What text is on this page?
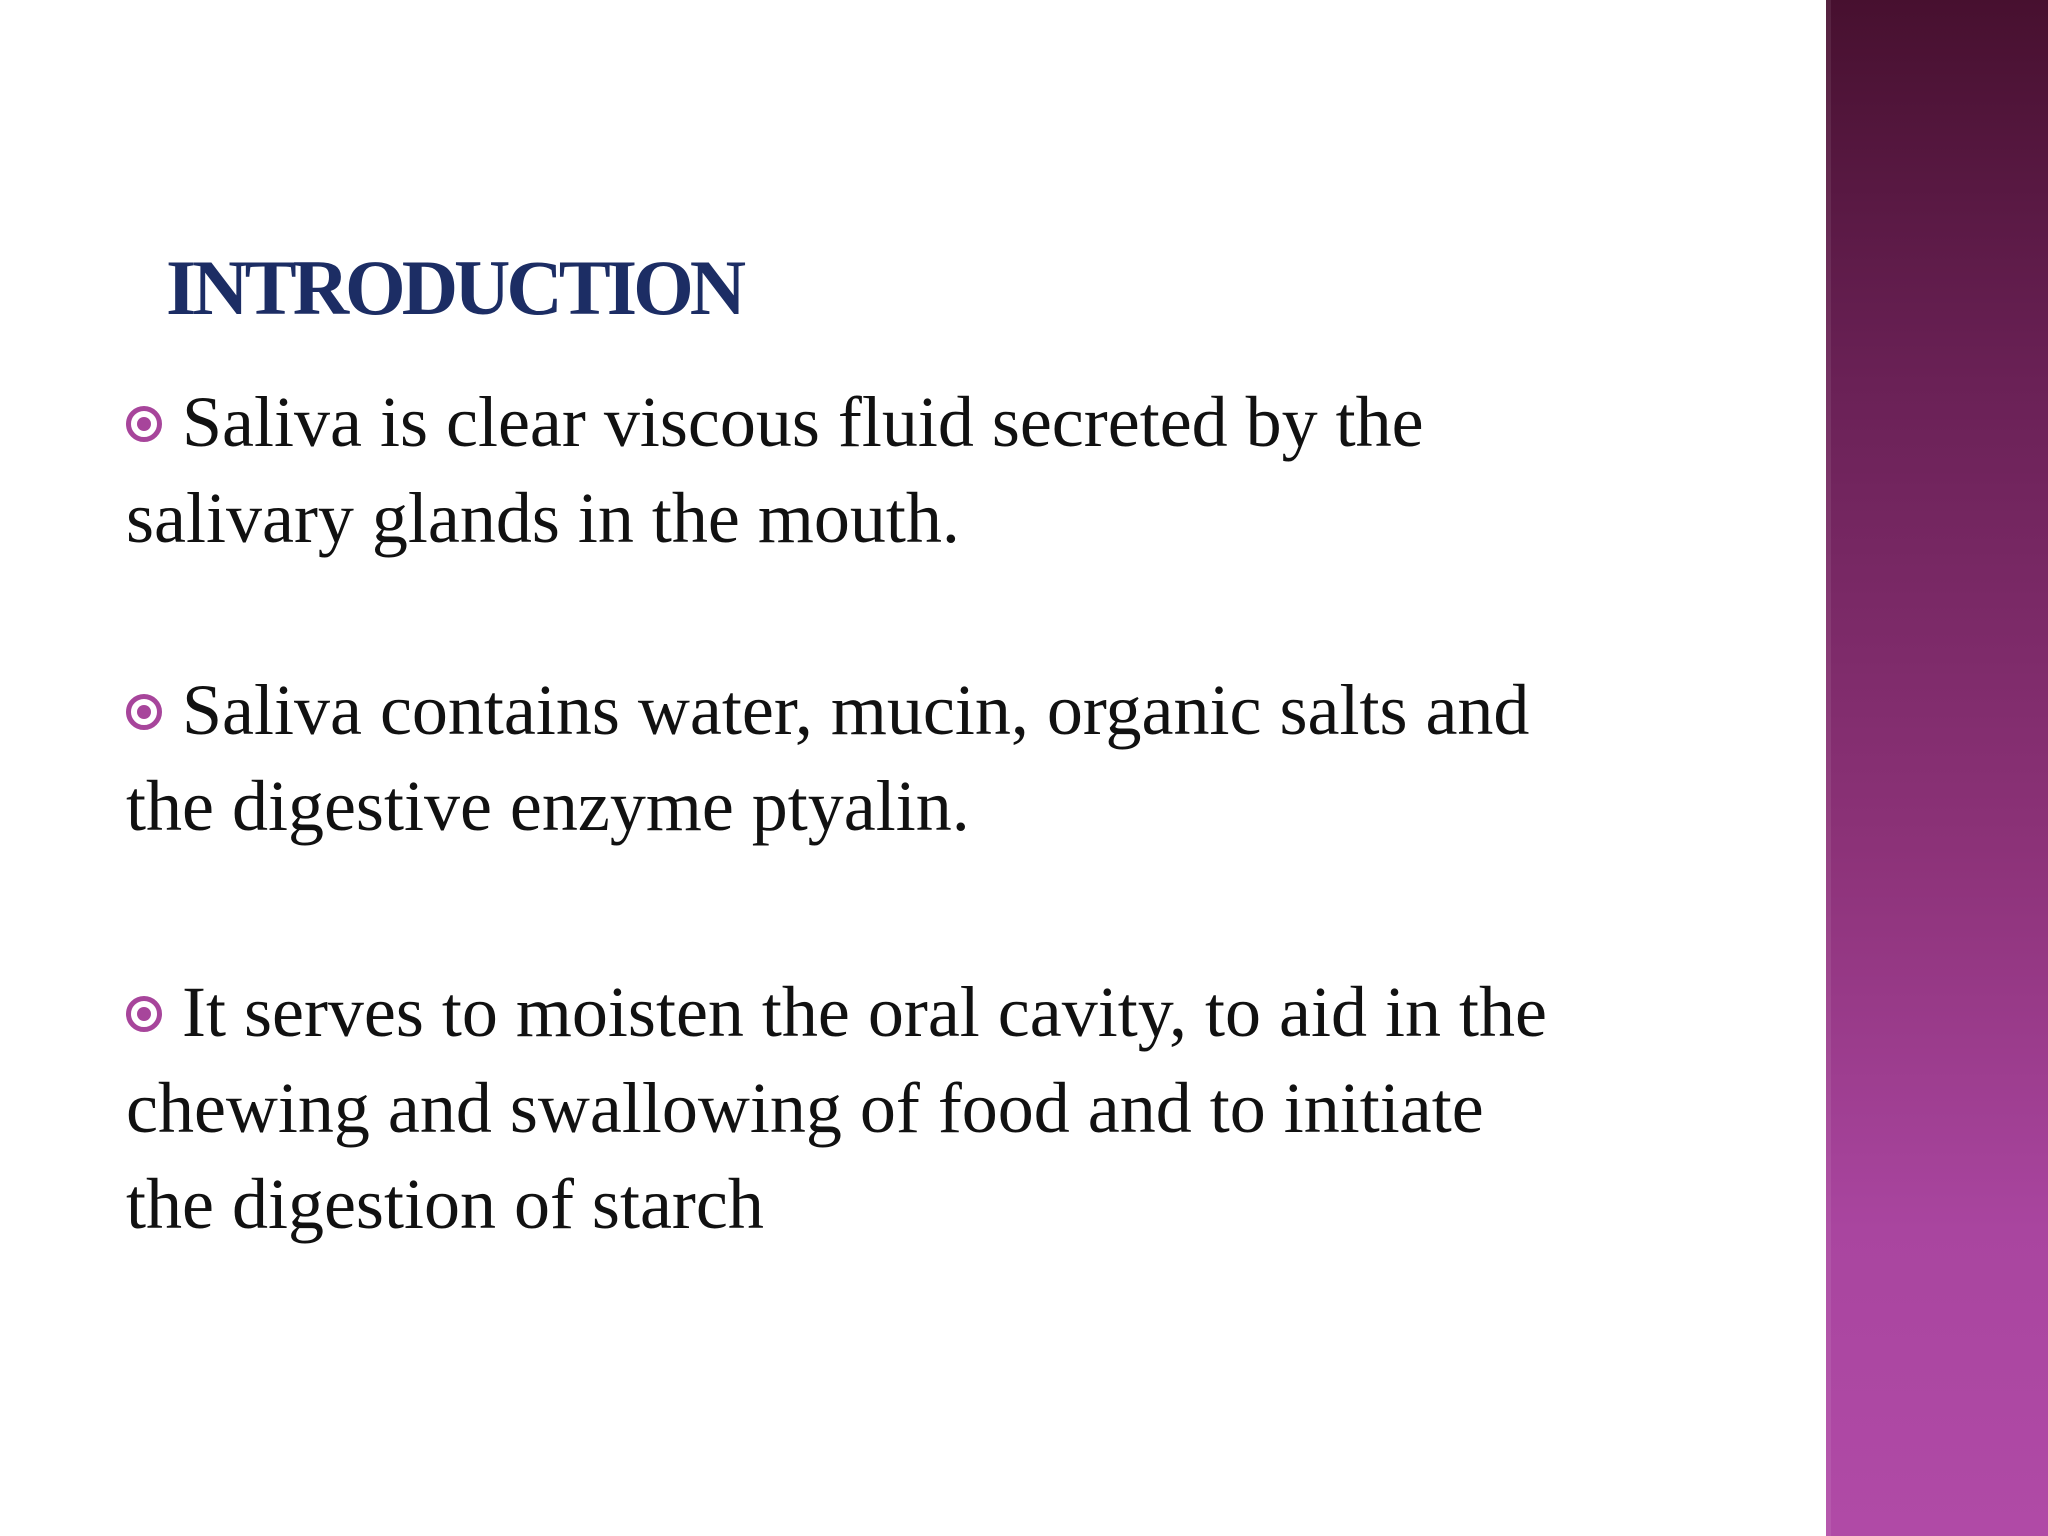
INTRODUCTION
Saliva is clear viscous fluid secreted by the
salivary glands in the mouth.
Saliva contains water, mucin, organic salts and
the digestive enzyme ptyalin.
It serves to moisten the oral cavity, to aid in the
chewing and swallowing of food and to initiate
the digestion of starch
